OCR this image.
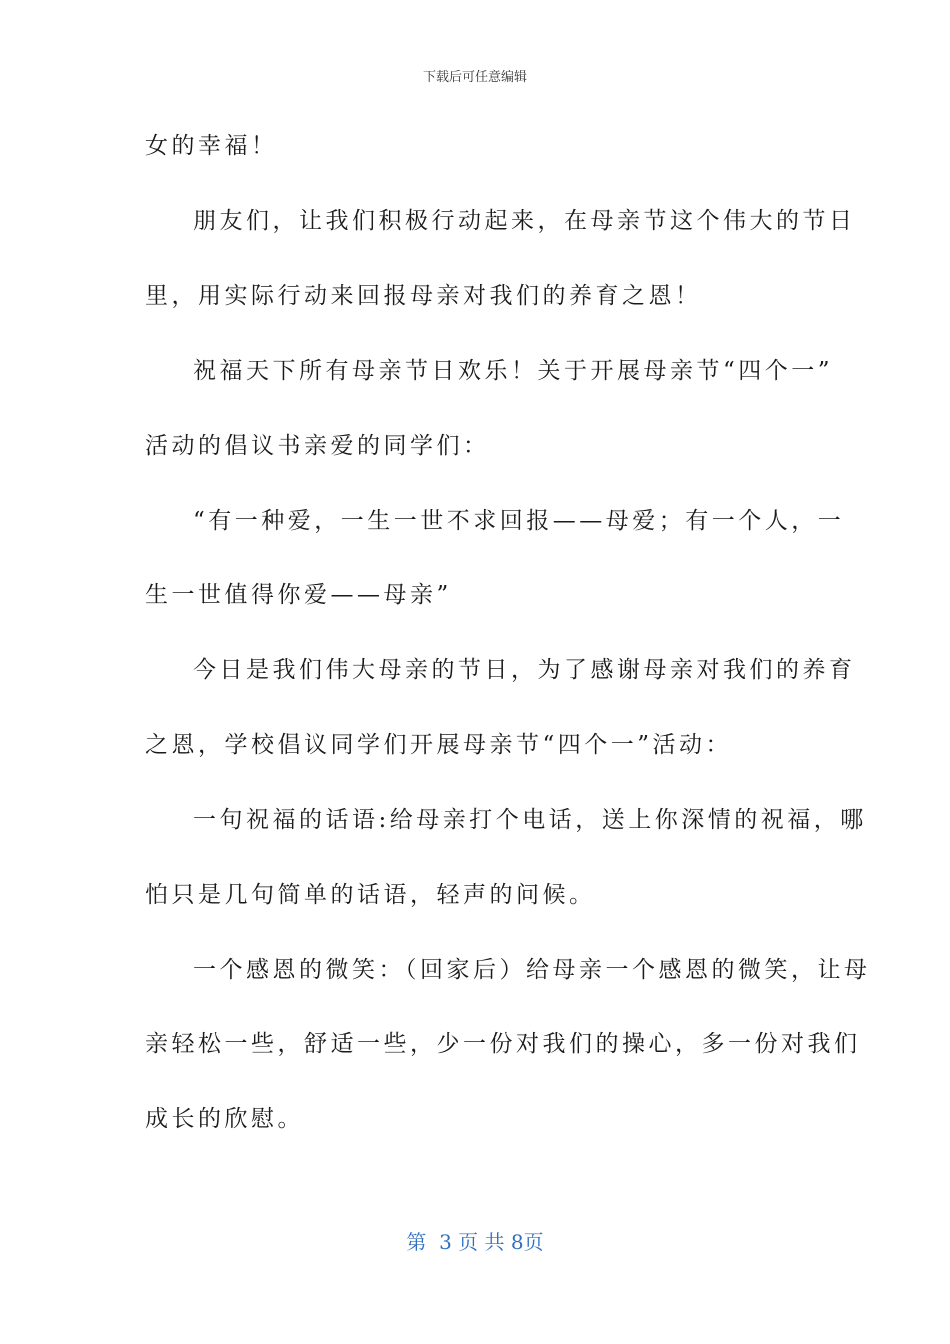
下载后可任意编辑
女的幸福！
朋友们，让我们积极行动起来，在母亲节这个伟大的节日
里，用实际行动来回报母亲对我们的养育之恩！
祝福天下所有母亲节日欢乐！关于开展母亲节“四个一”
活动的倡议书亲爱的同学们：
“有一种爱，一生一世不求回报——母爱；有一个人，一
生一世值得你爱——母亲”
今日是我们伟大母亲的节日，为了感谢母亲对我们的养育
之恩，学校倡议同学们开展母亲节“四个一”活动：
一句祝福的话语:给母亲打个电话，送上你深情的祝福，哪
怕只是几句简单的话语，轻声的问候。
一个感恩的微笑：（回家后）给母亲一个感恩的微笑，让母
亲轻松一些，舒适一些，少一份对我们的操心，多一份对我们
成长的欣慰。
第  3 页 共 8页
